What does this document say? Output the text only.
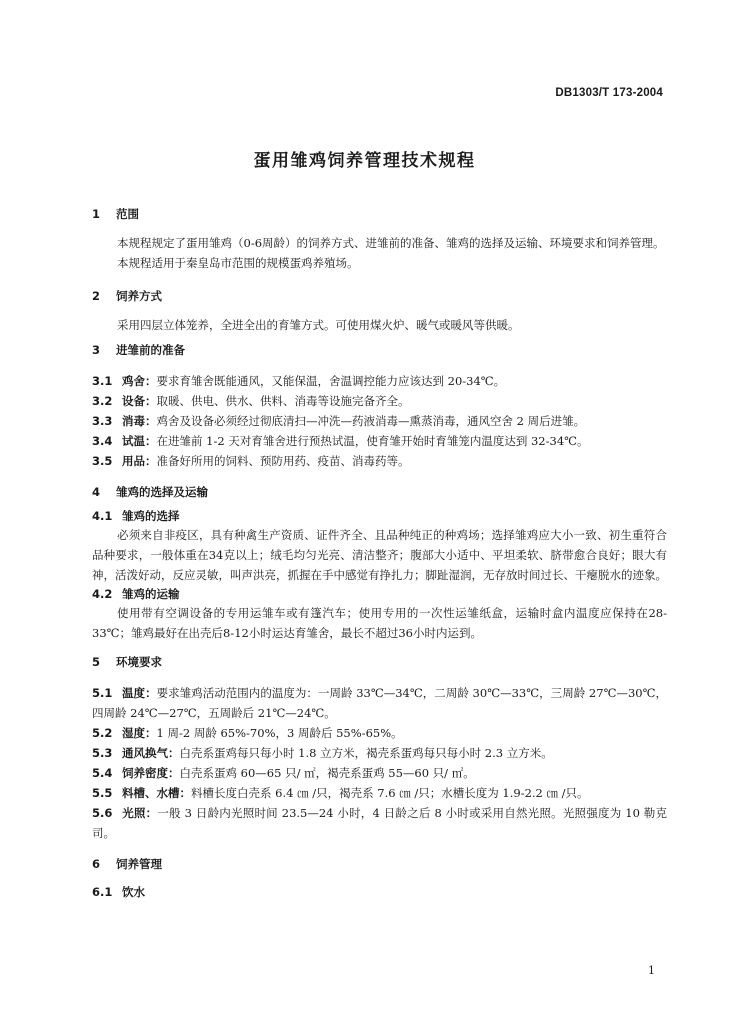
DB1303/T 173-2004
蛋用雏鸡饲养管理技术规程
1 范围

本规程规定了蛋用雏鸡（0-6周龄）的饲养方式、进雏前的准备、雏鸡的选择及运输、环境要求和饲养管理。

本规程适用于秦皇岛市范围的规模蛋鸡养殖场。

2 饲养方式

采用四层立体笼养，全进全出的育雏方式。可使用煤火炉、暖气或暖风等供暖。

3 进雏前的准备

3.1 鸡舍：要求育雏舍既能通风，又能保温，舍温调控能力应该达到 20-34℃。

3.2 设备：取暖、供电、供水、供料、消毒等设施完备齐全。

3.3 消毒：鸡舍及设备必须经过彻底清扫—冲洗—药液消毒—熏蒸消毒，通风空舍 2 周后进雏。

3.4 试温：在进雏前 1-2 天对育雏舍进行预热试温，使育雏开始时育雏笼内温度达到 32-34℃。

3.5 用品：准备好所用的饲料、预防用药、疫苗、消毒药等。

4 雏鸡的选择及运输
4.1 雏鸡的选择

必须来自非疫区，具有种禽生产资质、证件齐全、且品种纯正的种鸡场；选择雏鸡应大小一致、初生重符合品种要求，一般体重在34克以上；绒毛均匀光亮、清洁整齐；腹部大小适中、平坦柔软、脐带愈合良好；眼大有神，活泼好动，反应灵敏，叫声洪亮，抓握在手中感觉有挣扎力；脚趾湿润，无存放时间过长、干瘪脱水的迹象。

4.2 雏鸡的运输

使用带有空调设备的专用运雏车或有篷汽车；使用专用的一次性运雏纸盒，运输时盒内温度应保持在28-33℃；雏鸡最好在出壳后8-12小时运达育雏舍，最长不超过36小时内运到。

5 环境要求

5.1 温度：要求雏鸡活动范围内的温度为：一周龄 33℃—34℃，二周龄 30℃—33℃，三周龄 27℃—30℃，四周龄 24℃—27℃，五周龄后 21℃—24℃。

5.2 湿度：1 周-2 周龄 65%-70%，3 周龄后 55%-65%。

5.3 通风换气：白壳系蛋鸡每只每小时 1.8 立方米，褐壳系蛋鸡每只每小时 2.3 立方米。

5.4 饲养密度：白壳系蛋鸡 60—65 只/ ㎡，褐壳系蛋鸡 55—60 只/ ㎡。

5.5 料槽、水槽：料槽长度白壳系 6.4 ㎝ /只，褐壳系 7.6 ㎝ /只；水槽长度为 1.9-2.2 ㎝ /只。

5.6 光照：一般 3 日龄内光照时间 23.5—24 小时，4 日龄之后 8 小时或采用自然光照。光照强度为 10 勒克司。

6 饲养管理
6.1 饮水
1
